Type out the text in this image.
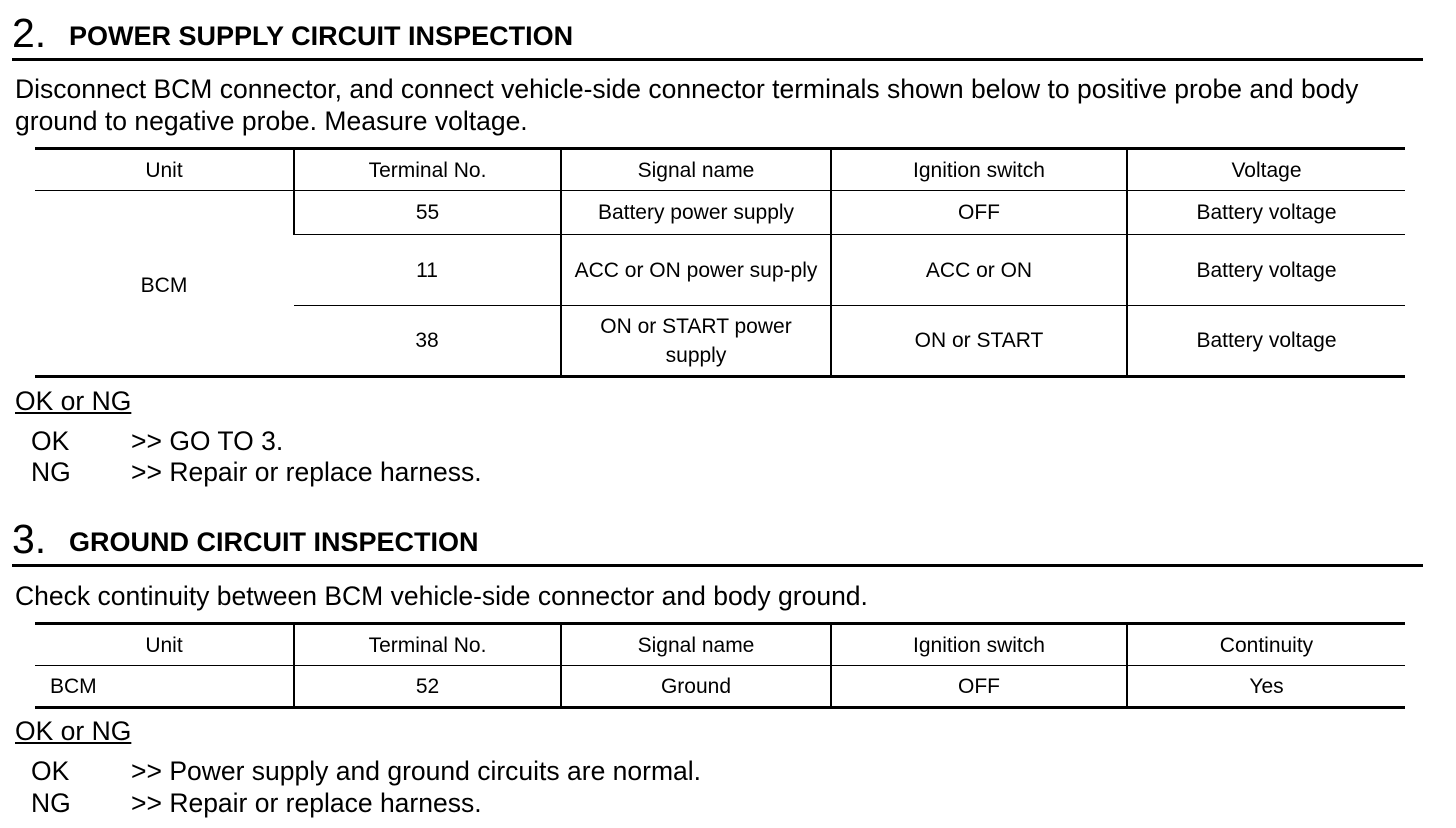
2. POWER SUPPLY CIRCUIT INSPECTION
Disconnect BCM connector, and connect vehicle-side connector terminals shown below to positive probe and body ground to negative probe. Measure voltage.
Unit	Terminal No.	Signal name	Ignition switch	Voltage
BCM	55	Battery power supply	OFF	Battery voltage
	11	ACC or ON power sup-ply	ACC or ON	Battery voltage
	38	ON or START power supply	ON or START	Battery voltage
OK or NG
OK >> GO TO 3.
NG >> Repair or replace harness.
3. GROUND CIRCUIT INSPECTION
Check continuity between BCM vehicle-side connector and body ground.
Unit	Terminal No.	Signal name	Ignition switch	Continuity
BCM	52	Ground	OFF	Yes
OK or NG
OK >> Power supply and ground circuits are normal.
NG >> Repair or replace harness.
